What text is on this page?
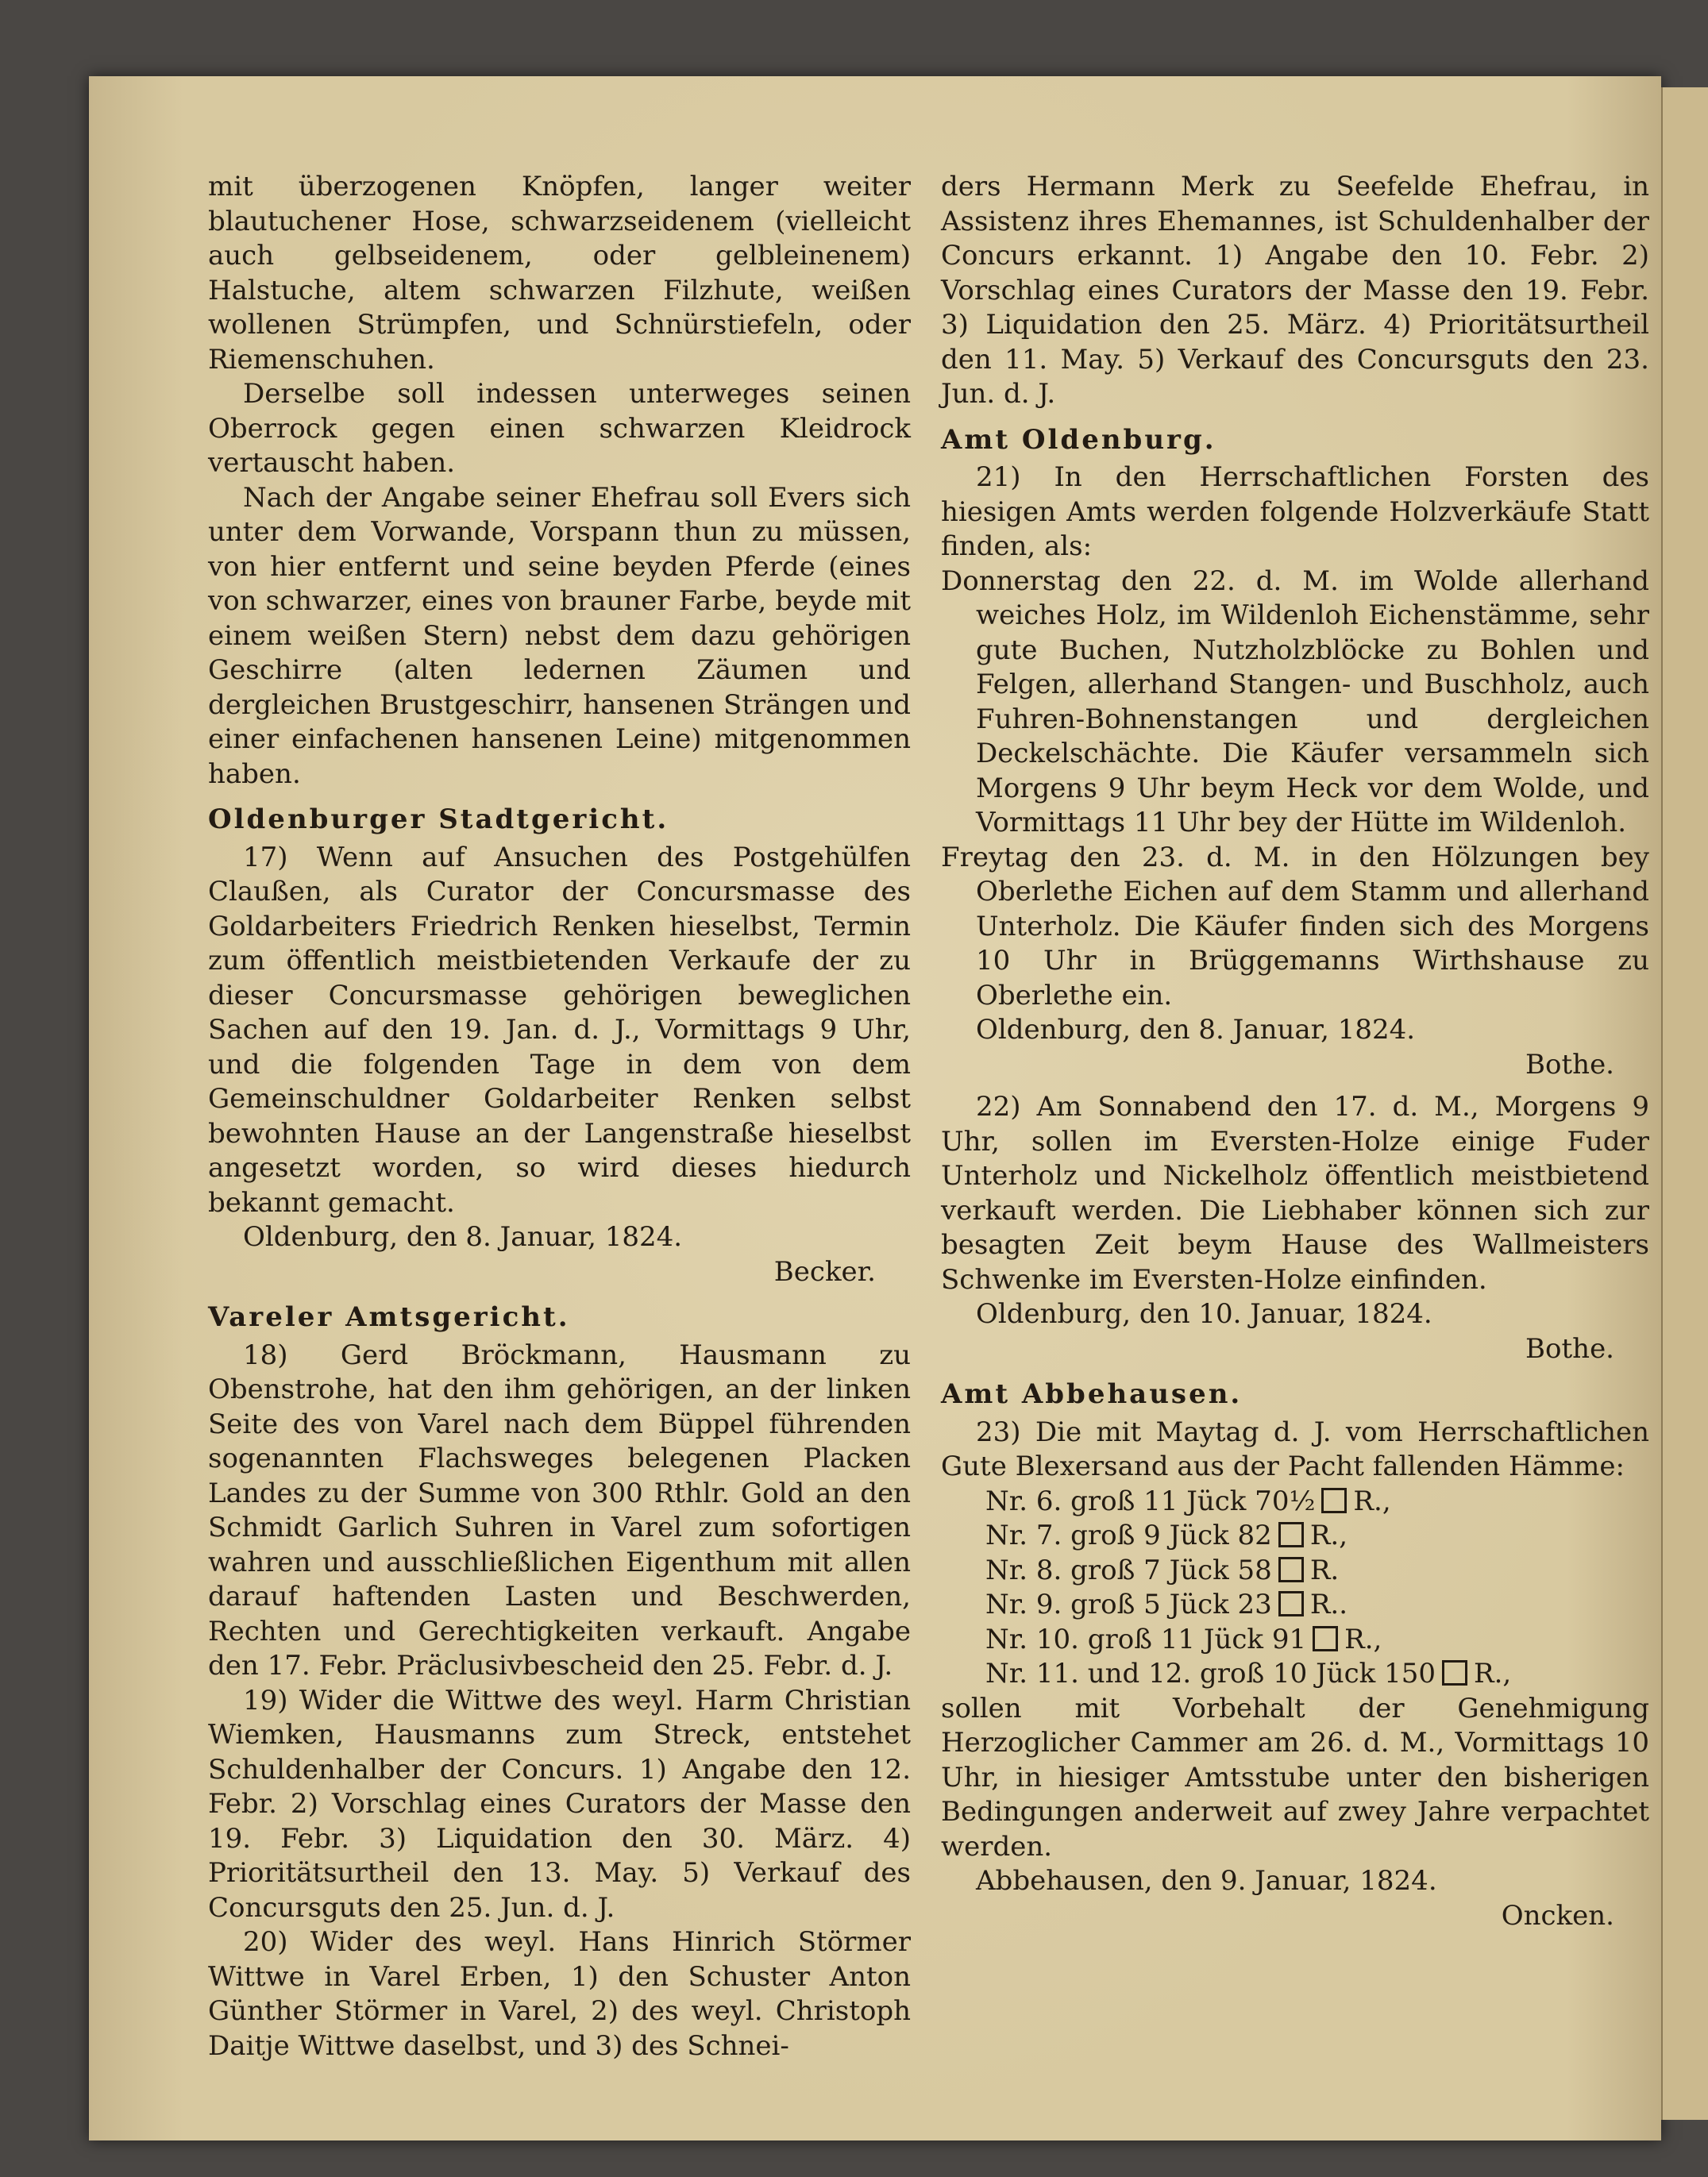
mit überzogenen Knöpfen, langer weiter blautuchener Hose, schwarzseidenem (vielleicht auch gelbseidenem, oder gelbleinenem) Halstuche, altem schwarzen Filzhute, weißen wollenen Strümpfen, und Schnürstiefeln, oder Riemenschuhen.

Derselbe soll indessen unterweges seinen Oberrock gegen einen schwarzen Kleidrock vertauscht haben.

Nach der Angabe seiner Ehefrau soll Evers sich unter dem Vorwande, Vorspann thun zu müssen, von hier entfernt und seine beyden Pferde (eines von schwarzer, eines von brauner Farbe, beyde mit einem weißen Stern) nebst dem dazu gehörigen Geschirre (alten ledernen Zäumen und dergleichen Brustgeschirr, hansenen Strängen und einer einfachenen hansenen Leine) mitgenommen haben.

Oldenburger Stadtgericht.

17) Wenn auf Ansuchen des Postgehülfen Claußen, als Curator der Concursmasse des Goldarbeiters Friedrich Renken hieselbst, Termin zum öffentlich meistbietenden Verkaufe der zu dieser Concursmasse gehörigen beweglichen Sachen auf den 19. Jan. d. J., Vormittags 9 Uhr, und die folgenden Tage in dem von dem Gemeinschuldner Goldarbeiter Renken selbst bewohnten Hause an der Langenstraße hieselbst angesetzt worden, so wird dieses hiedurch bekannt gemacht.

Oldenburg, den 8. Januar, 1824.

Becker.

Vareler Amtsgericht.

18) Gerd Bröckmann, Hausmann zu Obenstrohe, hat den ihm gehörigen, an der linken Seite des von Varel nach dem Büppel führenden sogenannten Flachsweges belegenen Placken Landes zu der Summe von 300 Rthlr. Gold an den Schmidt Garlich Suhren in Varel zum sofortigen wahren und ausschließlichen Eigenthum mit allen darauf haftenden Lasten und Beschwerden, Rechten und Gerechtigkeiten verkauft. Angabe den 17. Febr. Präclusivbescheid den 25. Febr. d. J.

19) Wider die Wittwe des weyl. Harm Christian Wiemken, Hausmanns zum Streck, entstehet Schuldenhalber der Concurs. 1) Angabe den 12. Febr. 2) Vorschlag eines Curators der Masse den 19. Febr. 3) Liquidation den 30. März. 4) Prioritätsurtheil den 13. May. 5) Verkauf des Concursguts den 25. Jun. d. J.

20) Wider des weyl. Hans Hinrich Störmer Wittwe in Varel Erben, 1) den Schuster Anton Günther Störmer in Varel, 2) des weyl. Christoph Daitje Wittwe daselbst, und 3) des Schnei-

ders Hermann Merk zu Seefelde Ehefrau, in Assistenz ihres Ehemannes, ist Schuldenhalber der Concurs erkannt. 1) Angabe den 10. Febr. 2) Vorschlag eines Curators der Masse den 19. Febr. 3) Liquidation den 25. März. 4) Prioritätsurtheil den 11. May. 5) Verkauf des Concursguts den 23. Jun. d. J.

Amt Oldenburg.

21) In den Herrschaftlichen Forsten des hiesigen Amts werden folgende Holzverkäufe Statt finden, als:

Donnerstag den 22. d. M. im Wolde allerhand weiches Holz, im Wildenloh Eichenstämme, sehr gute Buchen, Nutzholzblöcke zu Bohlen und Felgen, allerhand Stangen- und Buschholz, auch Fuhren-Bohnenstangen und dergleichen Deckelschächte. Die Käufer versammeln sich Morgens 9 Uhr beym Heck vor dem Wolde, und Vormittags 11 Uhr bey der Hütte im Wildenloh.

Freytag den 23. d. M. in den Hölzungen bey Oberlethe Eichen auf dem Stamm und allerhand Unterholz. Die Käufer finden sich des Morgens 10 Uhr in Brüggemanns Wirthshause zu Oberlethe ein.

Oldenburg, den 8. Januar, 1824.

Bothe.

22) Am Sonnabend den 17. d. M., Morgens 9 Uhr, sollen im Eversten-Holze einige Fuder Unterholz und Nickelholz öffentlich meistbietend verkauft werden. Die Liebhaber können sich zur besagten Zeit beym Hause des Wallmeisters Schwenke im Eversten-Holze einfinden.

Oldenburg, den 10. Januar, 1824.

Bothe.

Amt Abbehausen.

23) Die mit Maytag d. J. vom Herrschaftlichen Gute Blexersand aus der Pacht fallenden Hämme:

Nr. 6. groß 11 Jück 70½ R.,

Nr. 7. groß 9 Jück 82 R.,

Nr. 8. groß 7 Jück 58 R.

Nr. 9. groß 5 Jück 23 R..

Nr. 10. groß 11 Jück 91 R.,

Nr. 11. und 12. groß 10 Jück 150 R.,

sollen mit Vorbehalt der Genehmigung Herzoglicher Cammer am 26. d. M., Vormittags 10 Uhr, in hiesiger Amtsstube unter den bisherigen Bedingungen anderweit auf zwey Jahre verpachtet werden.

Abbehausen, den 9. Januar, 1824.

Oncken.
